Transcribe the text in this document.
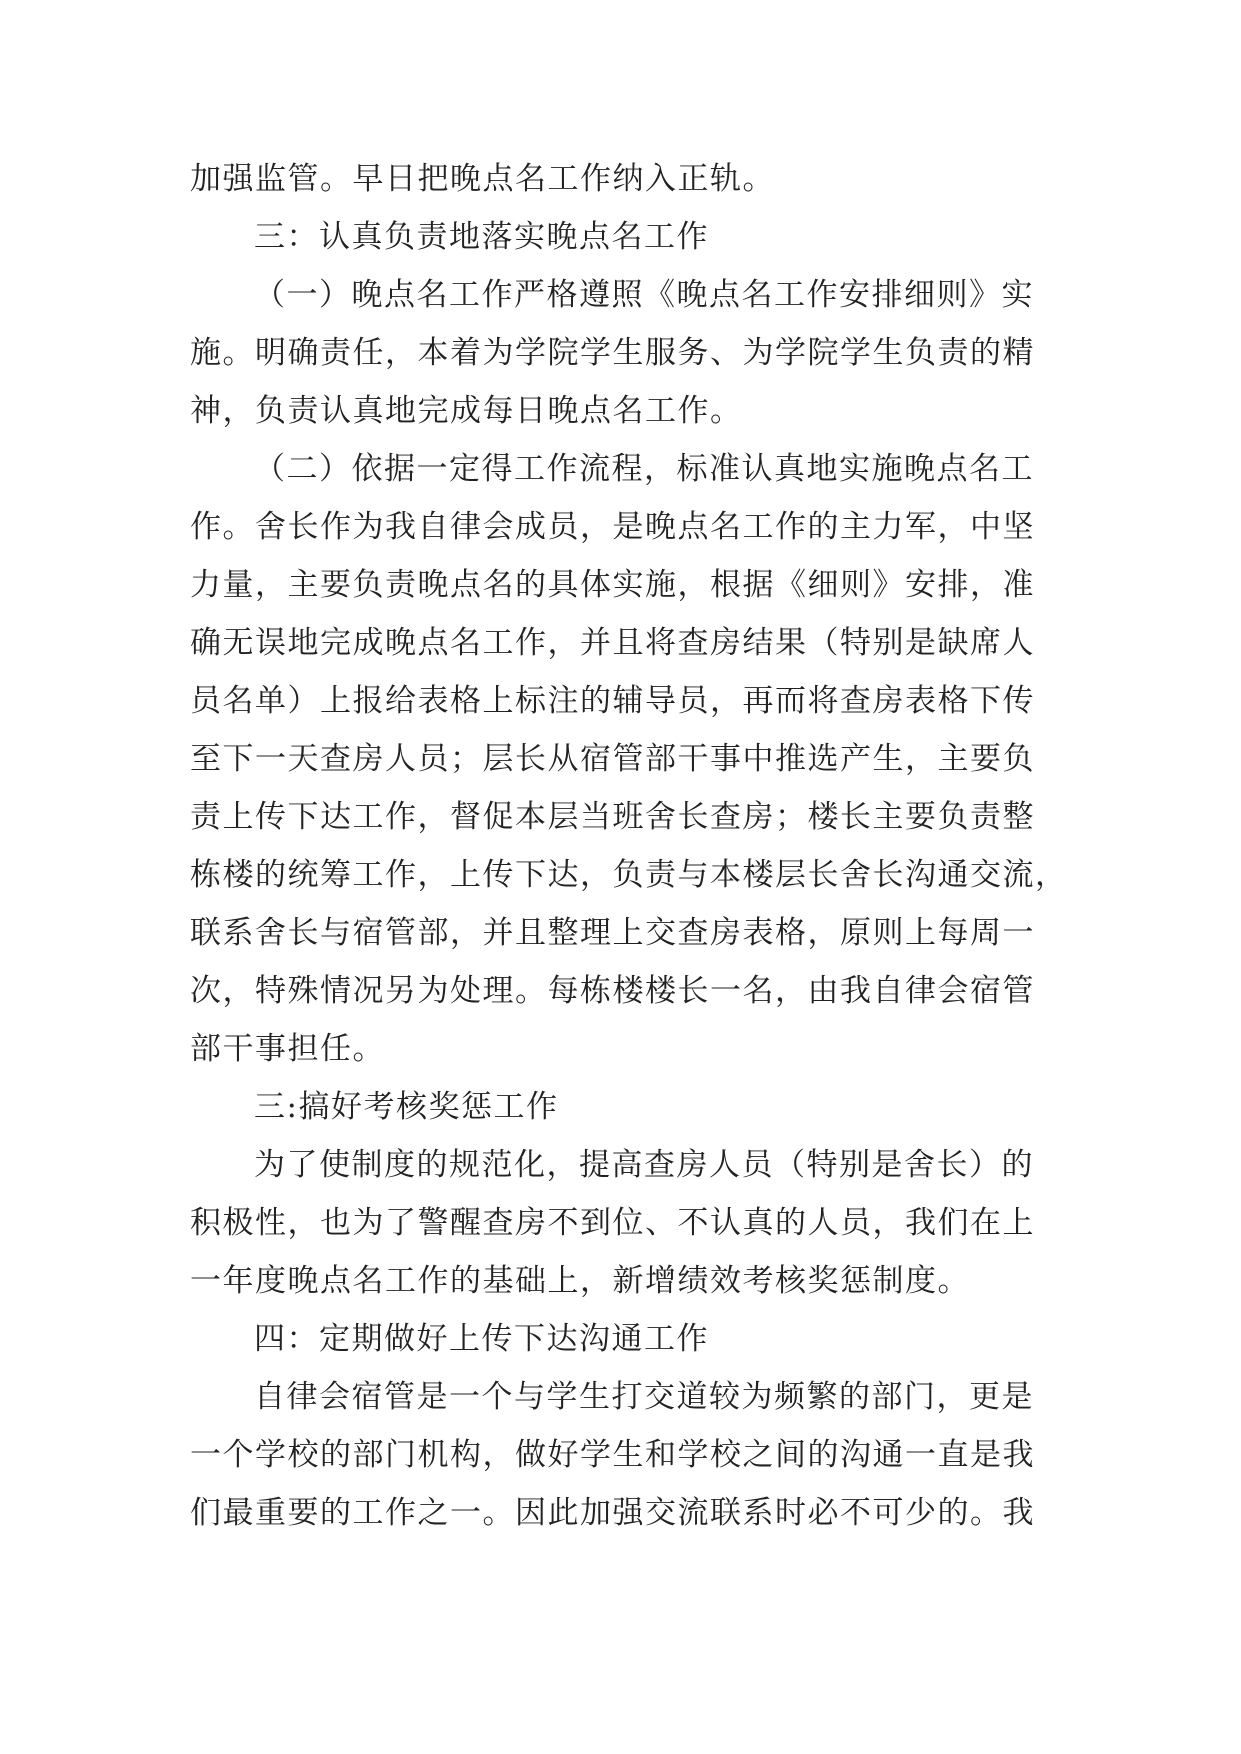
加强监管。早日把晚点名工作纳入正轨。
三：认真负责地落实晚点名工作
（一）晚点名工作严格遵照《晚点名工作安排细则》实
施。明确责任，本着为学院学生服务、为学院学生负责的精
神，负责认真地完成每日晚点名工作。
（二）依据一定得工作流程，标准认真地实施晚点名工
作。舍长作为我自律会成员，是晚点名工作的主力军，中坚
力量，主要负责晚点名的具体实施，根据《细则》安排，准
确无误地完成晚点名工作，并且将查房结果（特别是缺席人
员名单）上报给表格上标注的辅导员，再而将查房表格下传
至下一天查房人员；层长从宿管部干事中推选产生，主要负
责上传下达工作，督促本层当班舍长查房；楼长主要负责整
栋楼的统筹工作，上传下达，负责与本楼层长舍长沟通交流，
联系舍长与宿管部，并且整理上交查房表格，原则上每周一
次，特殊情况另为处理。每栋楼楼长一名，由我自律会宿管
部干事担任。
三:搞好考核奖惩工作
为了使制度的规范化，提高查房人员（特别是舍长）的
积极性，也为了警醒查房不到位、不认真的人员，我们在上
一年度晚点名工作的基础上，新增绩效考核奖惩制度。
四：定期做好上传下达沟通工作
自律会宿管是一个与学生打交道较为频繁的部门，更是
一个学校的部门机构，做好学生和学校之间的沟通一直是我
们最重要的工作之一。因此加强交流联系时必不可少的。我
